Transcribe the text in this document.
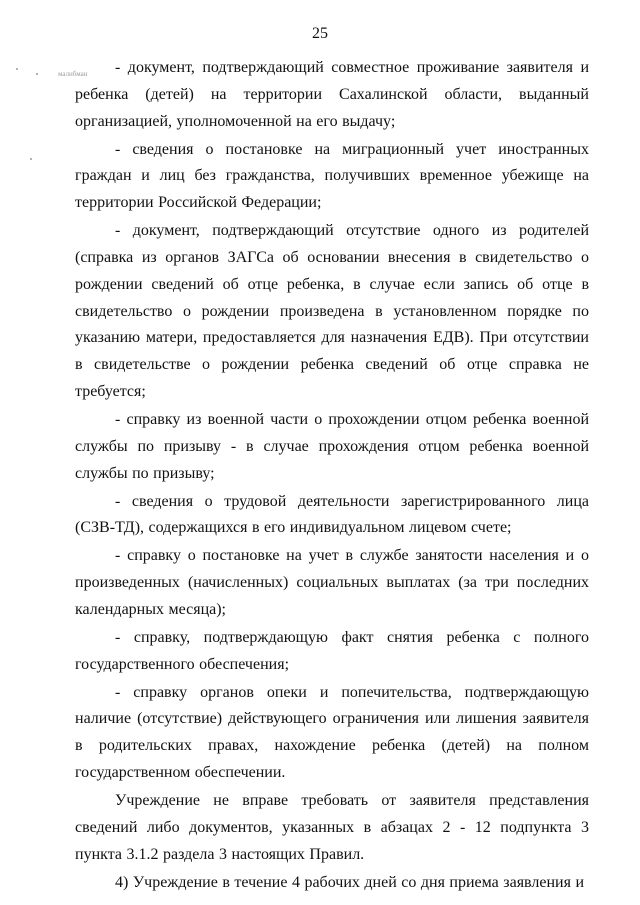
25
малибман	- документ, подтверждающий совместное проживание заявителя и ребенка (детей) на территории Сахалинской области, выданный организацией, уполномоченной на его выдачу;

- сведения о постановке на миграционный учет иностранных граждан и лиц без гражданства, получивших временное убежище на территории Российской Федерации;

- документ, подтверждающий отсутствие одного из родителей (справка из органов ЗАГСа об основании внесения в свидетельство о рождении сведений об отце ребенка, в случае если запись об отце в свидетельство о рождении произведена в установленном порядке по указанию матери, предоставляется для назначения ЕДВ). При отсутствии в свидетельстве о рождении ребенка сведений об отце справка не требуется;

- справку из военной части о прохождении отцом ребенка военной службы по призыву - в случае прохождения отцом ребенка военной службы по призыву;

- сведения о трудовой деятельности зарегистрированного лица (СЗВ-ТД), содержащихся в его индивидуальном лицевом счете;

- справку о постановке на учет в службе занятости населения и о произведенных (начисленных) социальных выплатах (за три последних календарных месяца);

- справку, подтверждающую факт снятия ребенка с полного государственного обеспечения;

- справку органов опеки и попечительства, подтверждающую наличие (отсутствие) действующего ограничения или лишения заявителя в родительских правах, нахождение ребенка (детей) на полном государственном обеспечении.

Учреждение не вправе требовать от заявителя представления сведений либо документов, указанных в абзацах 2 - 12 подпункта 3 пункта 3.1.2 раздела 3 настоящих Правил.

4) Учреждение в течение 4 рабочих дней со дня приема заявления и
